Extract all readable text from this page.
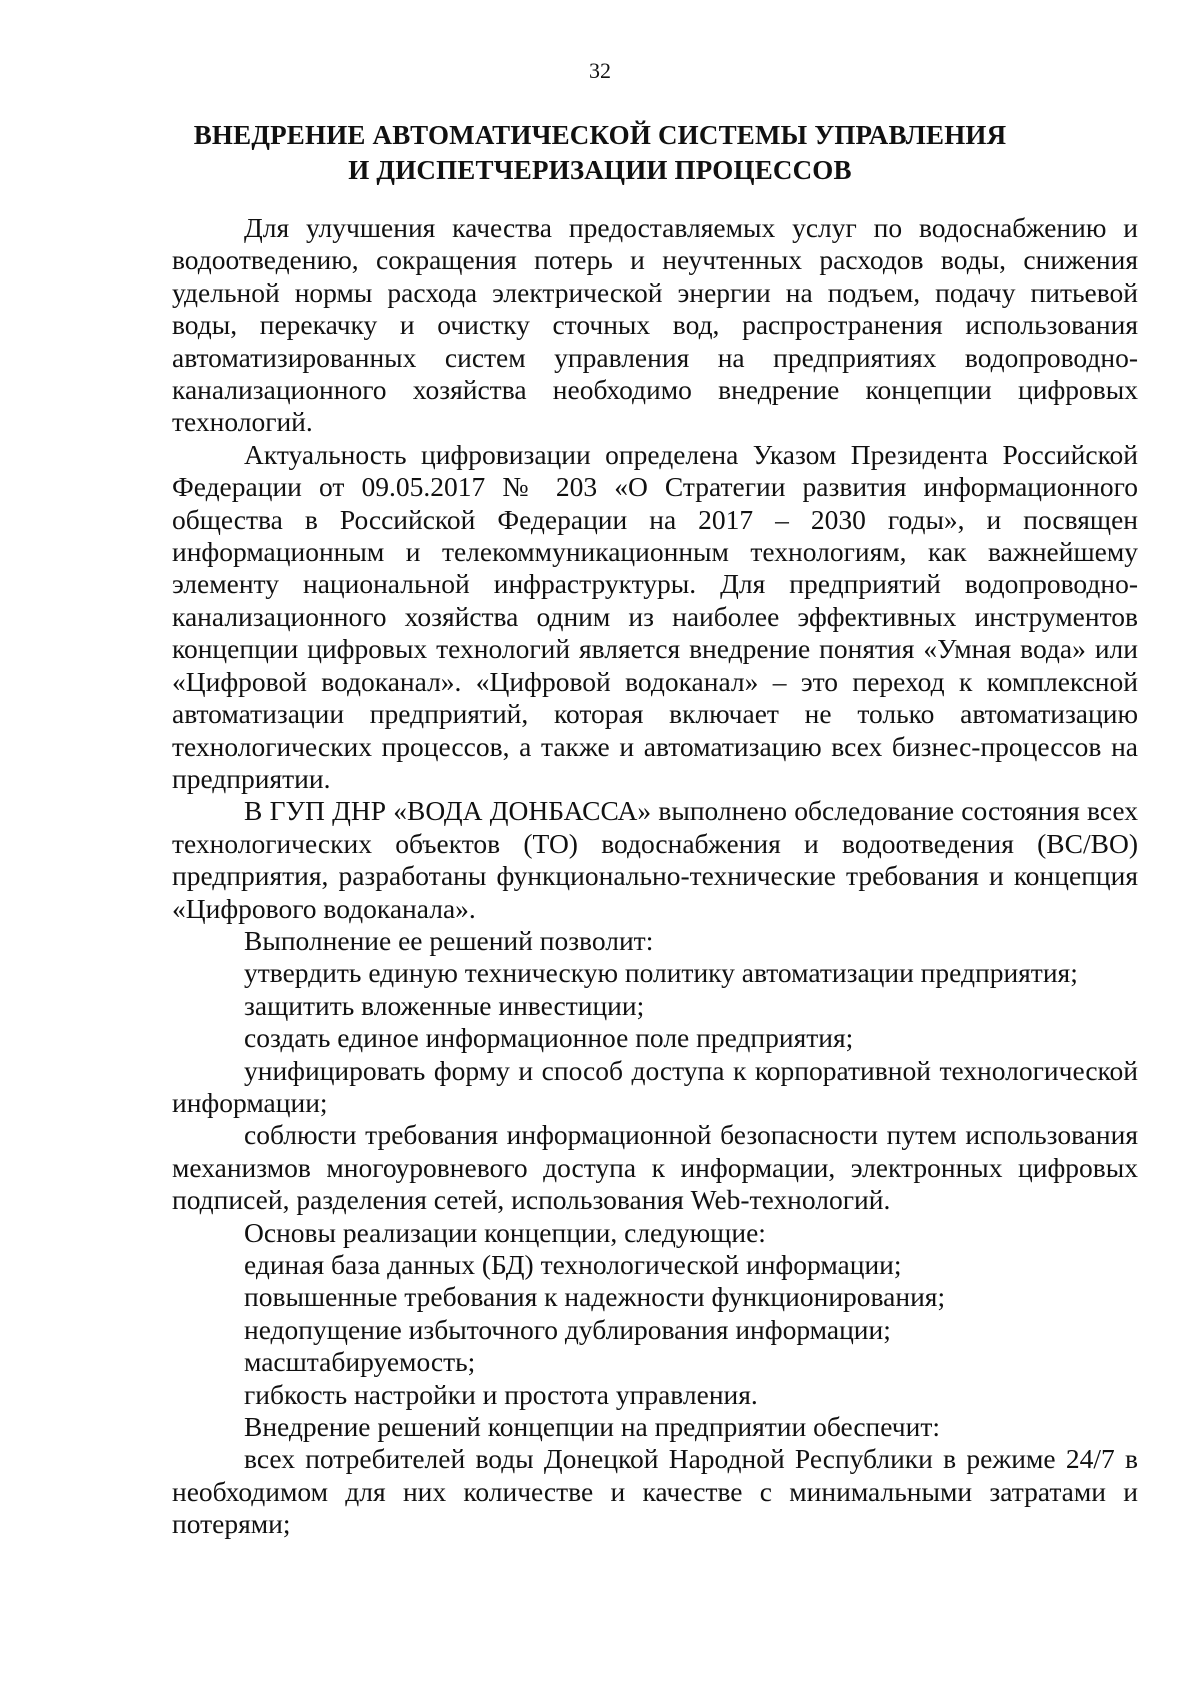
32
ВНЕДРЕНИЕ АВТОМАТИЧЕСКОЙ СИСТЕМЫ УПРАВЛЕНИЯ
И ДИСПЕТЧЕРИЗАЦИИ ПРОЦЕССОВ

Для улучшения качества предоставляемых услуг по водоснабжению и водоотведению, сокращения потерь и неучтенных расходов воды, снижения удельной нормы расхода электрической энергии на подъем, подачу питьевой воды, перекачку и очистку сточных вод, распространения использования автоматизированных систем управления на предприятиях водопроводно-канализационного хозяйства необходимо внедрение концепции цифровых технологий.

Актуальность цифровизации определена Указом Президента Российской Федерации от 09.05.2017 № 203 «О Стратегии развития информационного общества в Российской Федерации на 2017 – 2030 годы», и посвящен информационным и телекоммуникационным технологиям, как важнейшему элементу национальной инфраструктуры. Для предприятий водопроводно-канализационного хозяйства одним из наиболее эффективных инструментов концепции цифровых технологий является внедрение понятия «Умная вода» или «Цифровой водоканал». «Цифровой водоканал» – это переход к комплексной автоматизации предприятий, которая включает не только автоматизацию технологических процессов, а также и автоматизацию всех бизнес-процессов на предприятии.

В ГУП ДНР «ВОДА ДОНБАССА» выполнено обследование состояния всех технологических объектов (ТО) водоснабжения и водоотведения (ВС/ВО) предприятия, разработаны функционально-технические требования и концепция «Цифрового водоканала».

Выполнение ее решений позволит:

утвердить единую техническую политику автоматизации предприятия;

защитить вложенные инвестиции;

создать единое информационное поле предприятия;

унифицировать форму и способ доступа к корпоративной технологической информации;

соблюсти требования информационной безопасности путем использования механизмов многоуровневого доступа к информации, электронных цифровых подписей, разделения сетей, использования Web-технологий.

Основы реализации концепции, следующие:

единая база данных (БД) технологической информации;

повышенные требования к надежности функционирования;

недопущение избыточного дублирования информации;

масштабируемость;

гибкость настройки и простота управления.

Внедрение решений концепции на предприятии обеспечит:

всех потребителей воды Донецкой Народной Республики в режиме 24/7 в необходимом для них количестве и качестве с минимальными затратами и потерями;
